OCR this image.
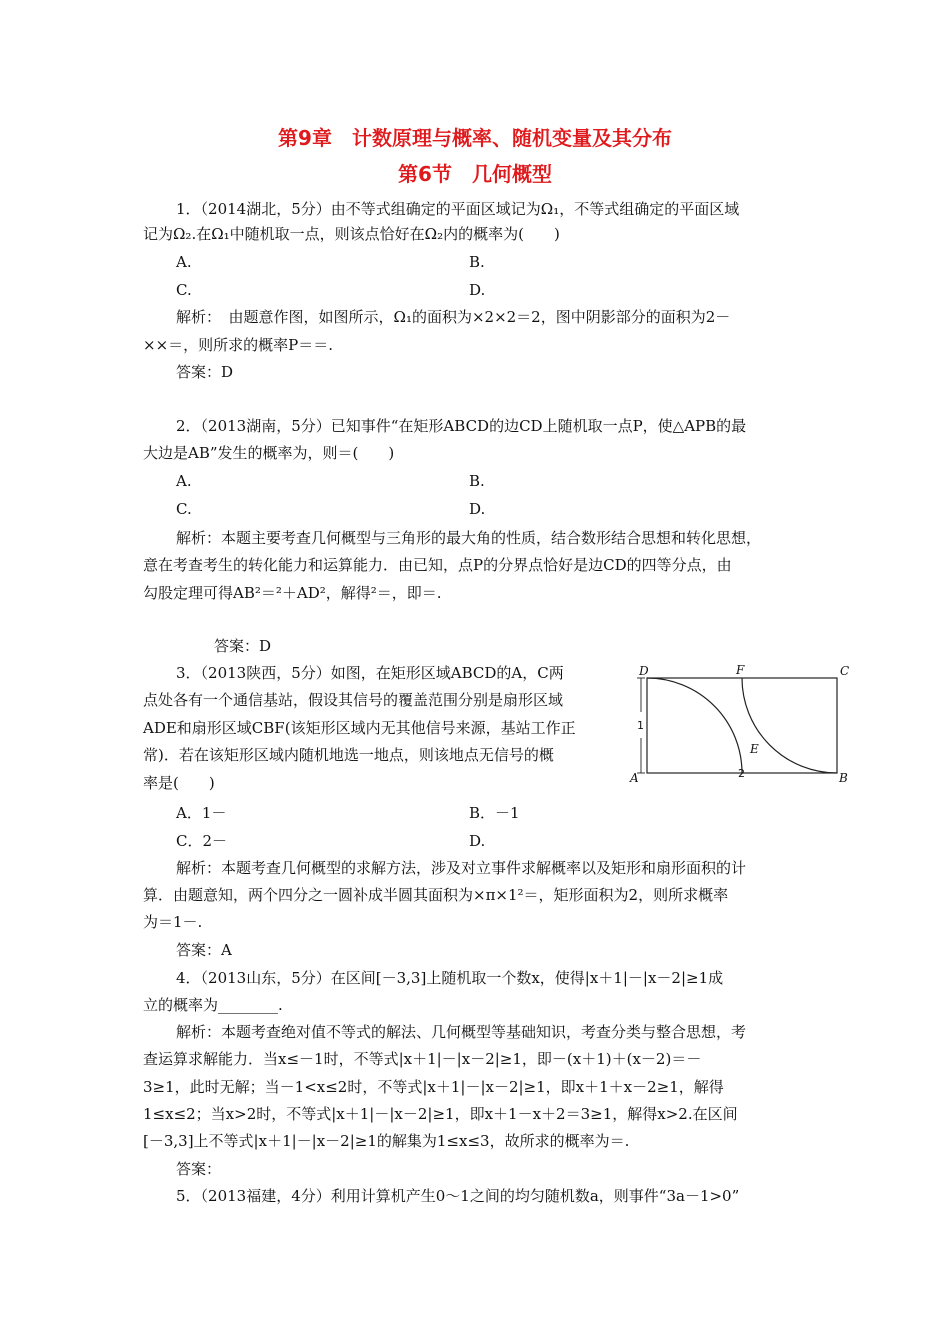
第9章　计数原理与概率、随机变量及其分布
第6节　几何概型
1．（2014湖北，5分）由不等式组确定的平面区域记为Ω₁，不等式组确定的平面区域
记为Ω₂.在Ω₁中随机取一点，则该点恰好在Ω₂内的概率为(　　)
A.	B.
C.	D.
解析：　由题意作图，如图所示，Ω₁的面积为×2×2＝2，图中阴影部分的面积为2－
××＝，则所求的概率P＝＝.
答案：D
2．（2013湖南，5分）已知事件“在矩形ABCD的边CD上随机取一点P，使△APB的最
大边是AB”发生的概率为，则＝(　　)
A.	B.
C.	D.
解析：本题主要考查几何概型与三角形的最大角的性质，结合数形结合思想和转化思想，
意在考查考生的转化能力和运算能力．由已知，点P的分界点恰好是边CD的四等分点，由
勾股定理可得AB²＝²＋AD²，解得²＝，即＝.
答案：D
3．（2013陕西，5分）如图，在矩形区域ABCD的A，C两
点处各有一个通信基站，假设其信号的覆盖范围分别是扇形区域
ADE和扇形区域CBF(该矩形区域内无其他信号来源，基站工作正
常)．若在该矩形区域内随机地选一地点，则该地点无信号的概
率是(　　)
A．1－	B．－1
C．2－	D.
解析：本题考查几何概型的求解方法，涉及对立事件求解概率以及矩形和扇形面积的计
算．由题意知，两个四分之一圆补成半圆其面积为×π×1²＝，矩形面积为2，则所求概率
为＝1－.
答案：A
4．（2013山东，5分）在区间[－3,3]上随机取一个数x，使得|x＋1|－|x－2|≥1成
立的概率为________.
解析：本题考查绝对值不等式的解法、几何概型等基础知识，考查分类与整合思想，考
查运算求解能力．当x≤－1时，不等式|x＋1|－|x－2|≥1，即－(x＋1)＋(x－2)＝－
3≥1，此时无解；当－1<x≤2时，不等式|x＋1|－|x－2|≥1，即x＋1＋x－2≥1，解得
1≤x≤2；当x>2时，不等式|x＋1|－|x－2|≥1，即x＋1－x＋2＝3≥1，解得x>2.在区间
[－3,3]上不等式|x＋1|－|x－2|≥1的解集为1≤x≤3，故所求的概率为＝.
答案：
5．（2013福建，4分）利用计算机产生0～1之间的均匀随机数a，则事件“3a－1>0”
D	F	C
A	B
E
1
2
